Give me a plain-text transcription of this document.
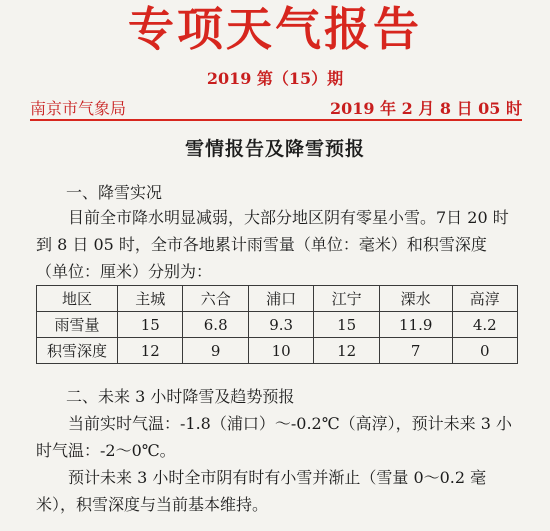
专项天气报告
2019 第（15）期
南京市气象局	2019 年 2 月 8 日 05 时
雪情报告及降雪预报
一、降雪实况

目前全市降水明显减弱，大部分地区阴有零星小雪。7日 20 时到 8 日 05 时，全市各地累计雨雪量（单位：毫米）和积雪深度（单位：厘米）分别为：

地区	主城	六合	浦口	江宁	溧水	高淳
雨雪量	15	6.8	9.3	15	11.9	4.2
积雪深度	12	9	10	12	7	0
二、未来 3 小时降雪及趋势预报

当前实时气温：-1.8（浦口）～-0.2℃（高淳），预计未来 3 小时气温：-2～0℃。

预计未来 3 小时全市阴有时有小雪并渐止（雪量 0～0.2 毫米），积雪深度与当前基本维持。
